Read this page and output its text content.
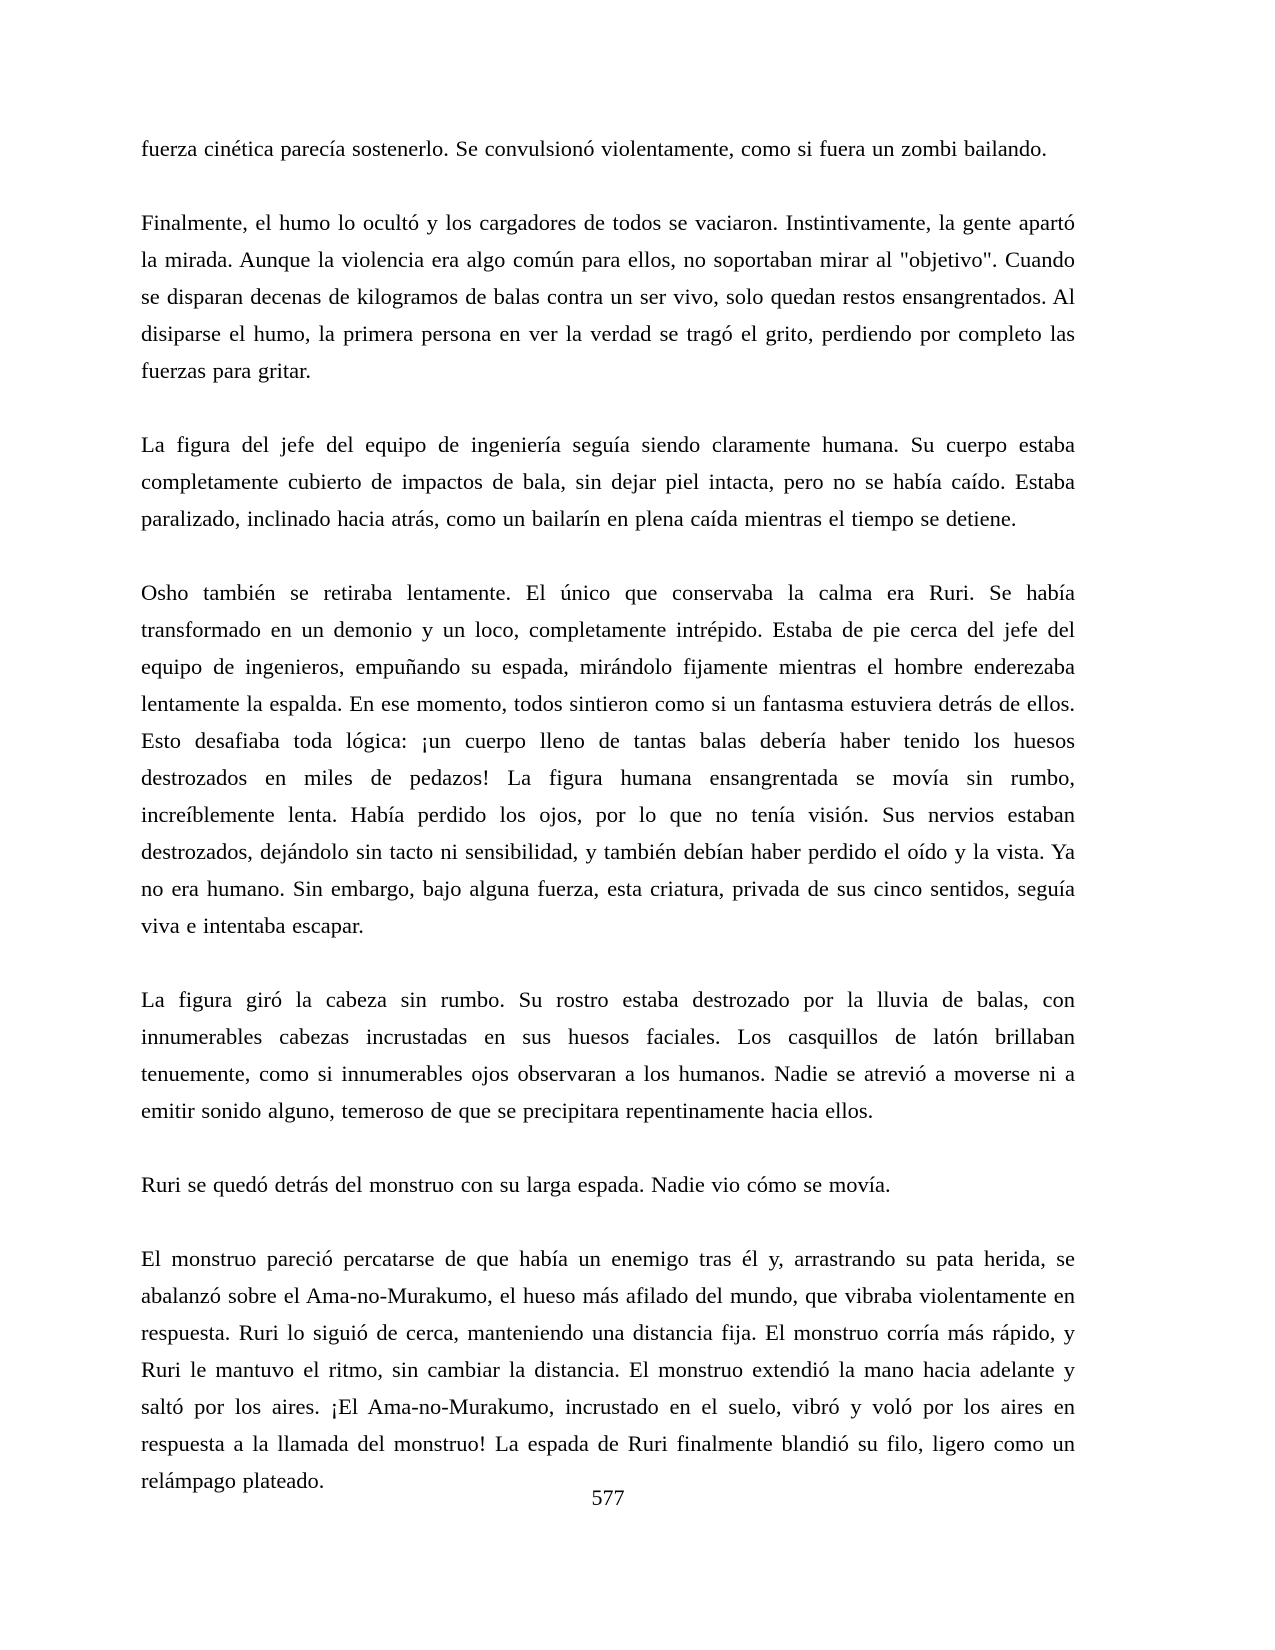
fuerza cinética parecía sostenerlo. Se convulsionó violentamente, como si fuera un zombi bailando.

Finalmente, el humo lo ocultó y los cargadores de todos se vaciaron. Instintivamente, la gente apartó la mirada. Aunque la violencia era algo común para ellos, no soportaban mirar al "objetivo". Cuando se disparan decenas de kilogramos de balas contra un ser vivo, solo quedan restos ensangrentados. Al disiparse el humo, la primera persona en ver la verdad se tragó el grito, perdiendo por completo las fuerzas para gritar.

La figura del jefe del equipo de ingeniería seguía siendo claramente humana. Su cuerpo estaba completamente cubierto de impactos de bala, sin dejar piel intacta, pero no se había caído. Estaba paralizado, inclinado hacia atrás, como un bailarín en plena caída mientras el tiempo se detiene.

Osho también se retiraba lentamente. El único que conservaba la calma era Ruri. Se había transformado en un demonio y un loco, completamente intrépido. Estaba de pie cerca del jefe del equipo de ingenieros, empuñando su espada, mirándolo fijamente mientras el hombre enderezaba lentamente la espalda. En ese momento, todos sintieron como si un fantasma estuviera detrás de ellos. Esto desafiaba toda lógica: ¡un cuerpo lleno de tantas balas debería haber tenido los huesos destrozados en miles de pedazos! La figura humana ensangrentada se movía sin rumbo, increíblemente lenta. Había perdido los ojos, por lo que no tenía visión. Sus nervios estaban destrozados, dejándolo sin tacto ni sensibilidad, y también debían haber perdido el oído y la vista. Ya no era humano. Sin embargo, bajo alguna fuerza, esta criatura, privada de sus cinco sentidos, seguía viva e intentaba escapar.

La figura giró la cabeza sin rumbo. Su rostro estaba destrozado por la lluvia de balas, con innumerables cabezas incrustadas en sus huesos faciales. Los casquillos de latón brillaban tenuemente, como si innumerables ojos observaran a los humanos. Nadie se atrevió a moverse ni a emitir sonido alguno, temeroso de que se precipitara repentinamente hacia ellos.

Ruri se quedó detrás del monstruo con su larga espada. Nadie vio cómo se movía.

El monstruo pareció percatarse de que había un enemigo tras él y, arrastrando su pata herida, se abalanzó sobre el Ama-no-Murakumo, el hueso más afilado del mundo, que vibraba violentamente en respuesta. Ruri lo siguió de cerca, manteniendo una distancia fija. El monstruo corría más rápido, y Ruri le mantuvo el ritmo, sin cambiar la distancia. El monstruo extendió la mano hacia adelante y saltó por los aires. ¡El Ama-no-Murakumo, incrustado en el suelo, vibró y voló por los aires en respuesta a la llamada del monstruo! La espada de Ruri finalmente blandió su filo, ligero como un relámpago plateado.

577
